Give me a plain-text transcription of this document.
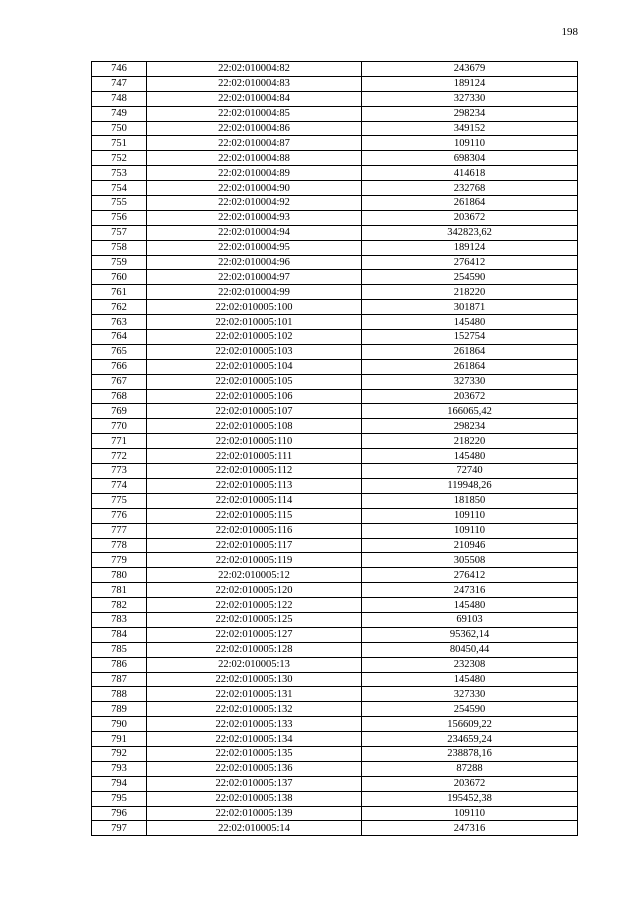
198
746	22:02:010004:82	243679
747	22:02:010004:83	189124
748	22:02:010004:84	327330
749	22:02:010004:85	298234
750	22:02:010004:86	349152
751	22:02:010004:87	109110
752	22:02:010004:88	698304
753	22:02:010004:89	414618
754	22:02:010004:90	232768
755	22:02:010004:92	261864
756	22:02:010004:93	203672
757	22:02:010004:94	342823,62
758	22:02:010004:95	189124
759	22:02:010004:96	276412
760	22:02:010004:97	254590
761	22:02:010004:99	218220
762	22:02:010005:100	301871
763	22:02:010005:101	145480
764	22:02:010005:102	152754
765	22:02:010005:103	261864
766	22:02:010005:104	261864
767	22:02:010005:105	327330
768	22:02:010005:106	203672
769	22:02:010005:107	166065,42
770	22:02:010005:108	298234
771	22:02:010005:110	218220
772	22:02:010005:111	145480
773	22:02:010005:112	72740
774	22:02:010005:113	119948,26
775	22:02:010005:114	181850
776	22:02:010005:115	109110
777	22:02:010005:116	109110
778	22:02:010005:117	210946
779	22:02:010005:119	305508
780	22:02:010005:12	276412
781	22:02:010005:120	247316
782	22:02:010005:122	145480
783	22:02:010005:125	69103
784	22:02:010005:127	95362,14
785	22:02:010005:128	80450,44
786	22:02:010005:13	232308
787	22:02:010005:130	145480
788	22:02:010005:131	327330
789	22:02:010005:132	254590
790	22:02:010005:133	156609,22
791	22:02:010005:134	234659,24
792	22:02:010005:135	238878,16
793	22:02:010005:136	87288
794	22:02:010005:137	203672
795	22:02:010005:138	195452,38
796	22:02:010005:139	109110
797	22:02:010005:14	247316
